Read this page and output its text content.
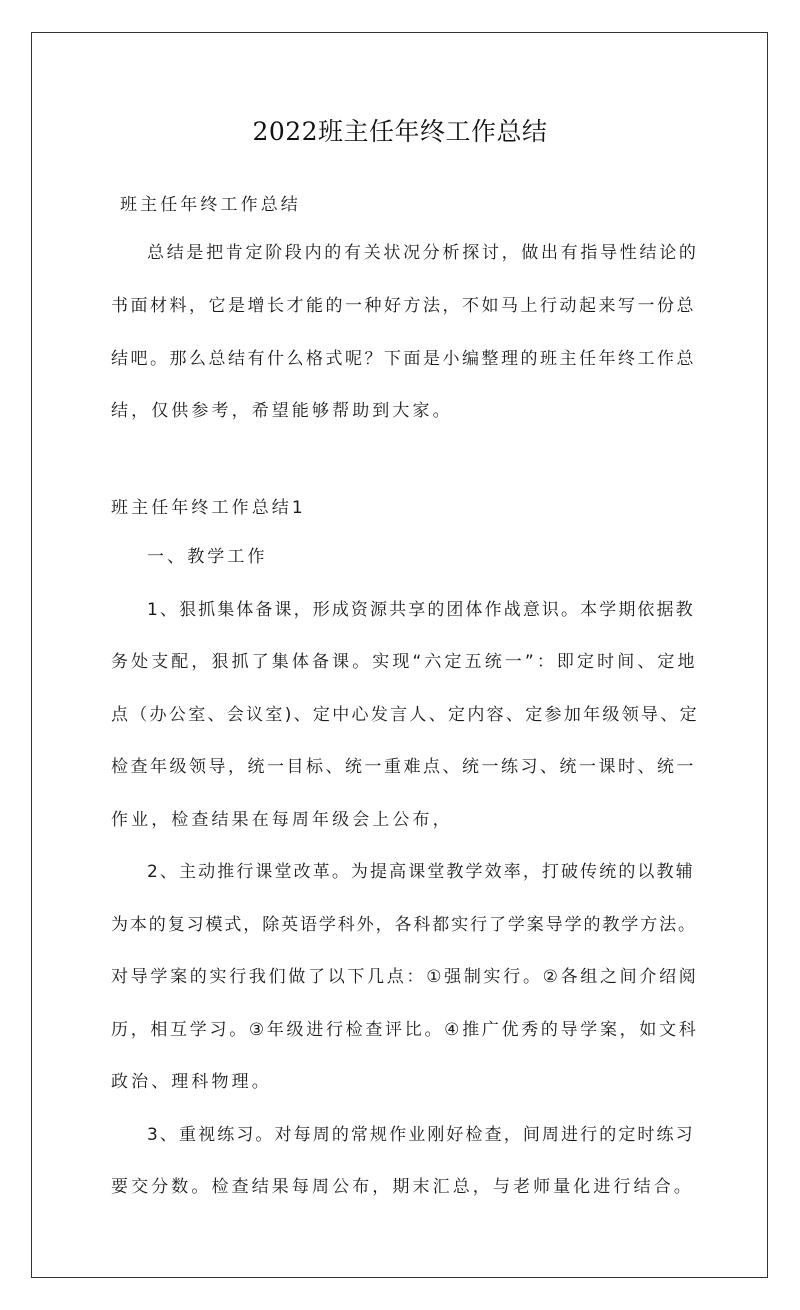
2022班主任年终工作总结

班主任年终工作总结

总结是把肯定阶段内的有关状况分析探讨，做出有指导性结论的

书面材料，它是增长才能的一种好方法，不如马上行动起来写一份总

结吧。那么总结有什么格式呢？下面是小编整理的班主任年终工作总

结，仅供参考，希望能够帮助到大家。

班主任年终工作总结1

一、教学工作

1、狠抓集体备课，形成资源共享的团体作战意识。本学期依据教

务处支配，狠抓了集体备课。实现“六定五统一”：即定时间、定地

点（办公室、会议室)、定中心发言人、定内容、定参加年级领导、定

检查年级领导，统一目标、统一重难点、统一练习、统一课时、统一

作业，检查结果在每周年级会上公布，

2、主动推行课堂改革。为提高课堂教学效率，打破传统的以教辅

为本的复习模式，除英语学科外，各科都实行了学案导学的教学方法。

对导学案的实行我们做了以下几点：①强制实行。②各组之间介绍阅

历，相互学习。③年级进行检查评比。④推广优秀的导学案，如文科

政治、理科物理。

3、重视练习。对每周的常规作业刚好检查，间周进行的定时练习

要交分数。检查结果每周公布，期末汇总，与老师量化进行结合。
